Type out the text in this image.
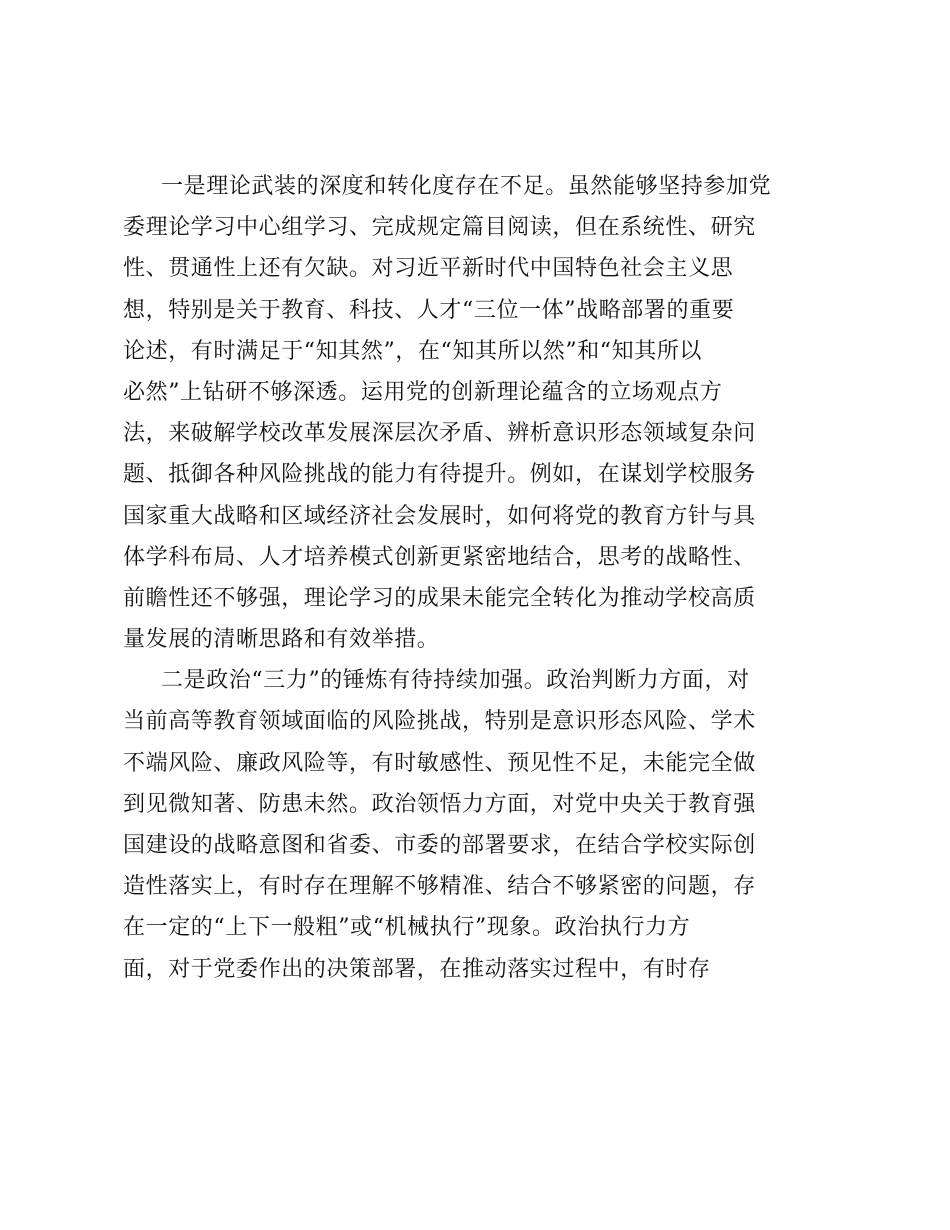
一是理论武装的深度和转化度存在不足。虽然能够坚持参加党
委理论学习中心组学习、完成规定篇目阅读，但在系统性、研究
性、贯通性上还有欠缺。对习近平新时代中国特色社会主义思
想，特别是关于教育、科技、人才“三位一体”战略部署的重要
论述，有时满足于“知其然”，在“知其所以然”和“知其所以
必然”上钻研不够深透。运用党的创新理论蕴含的立场观点方
法，来破解学校改革发展深层次矛盾、辨析意识形态领域复杂问
题、抵御各种风险挑战的能力有待提升。例如，在谋划学校服务
国家重大战略和区域经济社会发展时，如何将党的教育方针与具
体学科布局、人才培养模式创新更紧密地结合，思考的战略性、
前瞻性还不够强，理论学习的成果未能完全转化为推动学校高质
量发展的清晰思路和有效举措。
二是政治“三力”的锤炼有待持续加强。政治判断力方面，对
当前高等教育领域面临的风险挑战，特别是意识形态风险、学术
不端风险、廉政风险等，有时敏感性、预见性不足，未能完全做
到见微知著、防患未然。政治领悟力方面，对党中央关于教育强
国建设的战略意图和省委、市委的部署要求，在结合学校实际创
造性落实上，有时存在理解不够精准、结合不够紧密的问题，存
在一定的“上下一般粗”或“机械执行”现象。政治执行力方
面，对于党委作出的决策部署，在推动落实过程中，有时存
